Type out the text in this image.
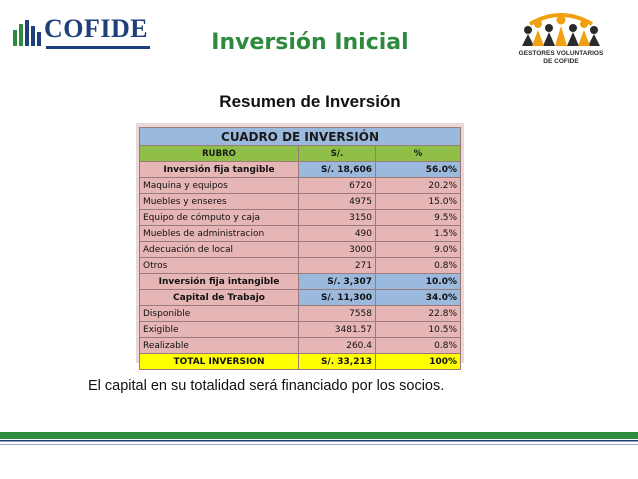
COFIDE	Inversión Inicial	GESTORES VOLUNTARIOS
DE COFIDE
Resumen de Inversión
CUADRO DE INVERSIÓN		
RUBRO	S/.	%
Inversión fija tangible	S/. 18,606	56.0%
Maquina y equipos	6720	20.2%
Muebles y enseres	4975	15.0%
Equipo de cómputo y caja	3150	9.5%
Muebles de administracion	490	1.5%
Adecuación de local	3000	9.0%
Otros	271	0.8%
Inversión fija intangible	S/. 3,307	10.0%
Capital de Trabajo	S/. 11,300	34.0%
Disponible	7558	22.8%
Exigible	3481.57	10.5%
Realizable	260.4	0.8%
TOTAL INVERSION	S/. 33,213	100%
El capital en su totalidad será financiado por los socios.
